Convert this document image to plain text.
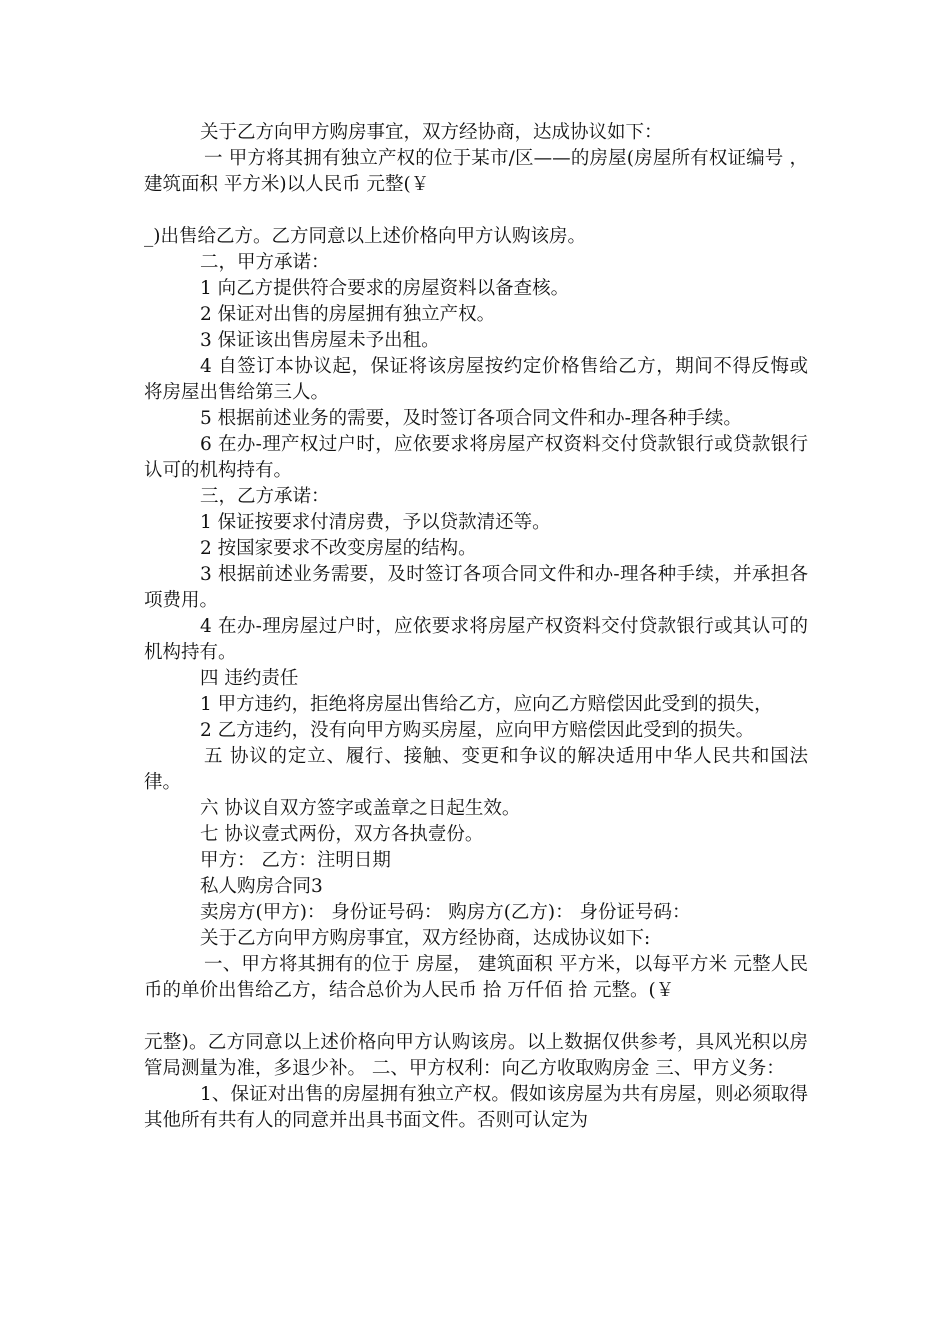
关于乙方向甲方购房事宜，双方经协商，达成协议如下：

一 甲方将其拥有独立产权的位于某市/区——的房屋(房屋所有权证编号 ，建筑面积 平方米)以人民币 元整(￥

_)出售给乙方。乙方同意以上述价格向甲方认购该房。

二，甲方承诺：

1 向乙方提供符合要求的房屋资料以备查核。

2 保证对出售的房屋拥有独立产权。

3 保证该出售房屋未予出租。

4 自签订本协议起，保证将该房屋按约定价格售给乙方，期间不得反悔或将房屋出售给第三人。

5 根据前述业务的需要，及时签订各项合同文件和办-理各种手续。

6 在办-理产权过户时，应依要求将房屋产权资料交付贷款银行或贷款银行认可的机构持有。

三，乙方承诺：

1 保证按要求付清房费，予以贷款清还等。

2 按国家要求不改变房屋的结构。

3 根据前述业务需要，及时签订各项合同文件和办-理各种手续，并承担各项费用。

4 在办-理房屋过户时，应依要求将房屋产权资料交付贷款银行或其认可的机构持有。

四 违约责任

1 甲方违约，拒绝将房屋出售给乙方，应向乙方赔偿因此受到的损失，

2 乙方违约，没有向甲方购买房屋，应向甲方赔偿因此受到的损失。

五 协议的定立、履行、接触、变更和争议的解决适用中华人民共和国法律。

六 协议自双方签字或盖章之日起生效。

七 协议壹式两份，双方各执壹份。

甲方： 乙方：注明日期

私人购房合同3

卖房方(甲方)： 身份证号码： 购房方(乙方)： 身份证号码：

关于乙方向甲方购房事宜，双方经协商，达成协议如下:

一、甲方将其拥有的位于 房屋， 建筑面积 平方米，以每平方米 元整人民币的单价出售给乙方，结合总价为人民币 拾 万仟佰 拾 元整。(￥

元整)。乙方同意以上述价格向甲方认购该房。以上数据仅供参考，具风光积以房管局测量为准，多退少补。 二、甲方权利：向乙方收取购房金 三、甲方义务：

1、保证对出售的房屋拥有独立产权。假如该房屋为共有房屋，则必须取得其他所有共有人的同意并出具书面文件。否则可认定为
